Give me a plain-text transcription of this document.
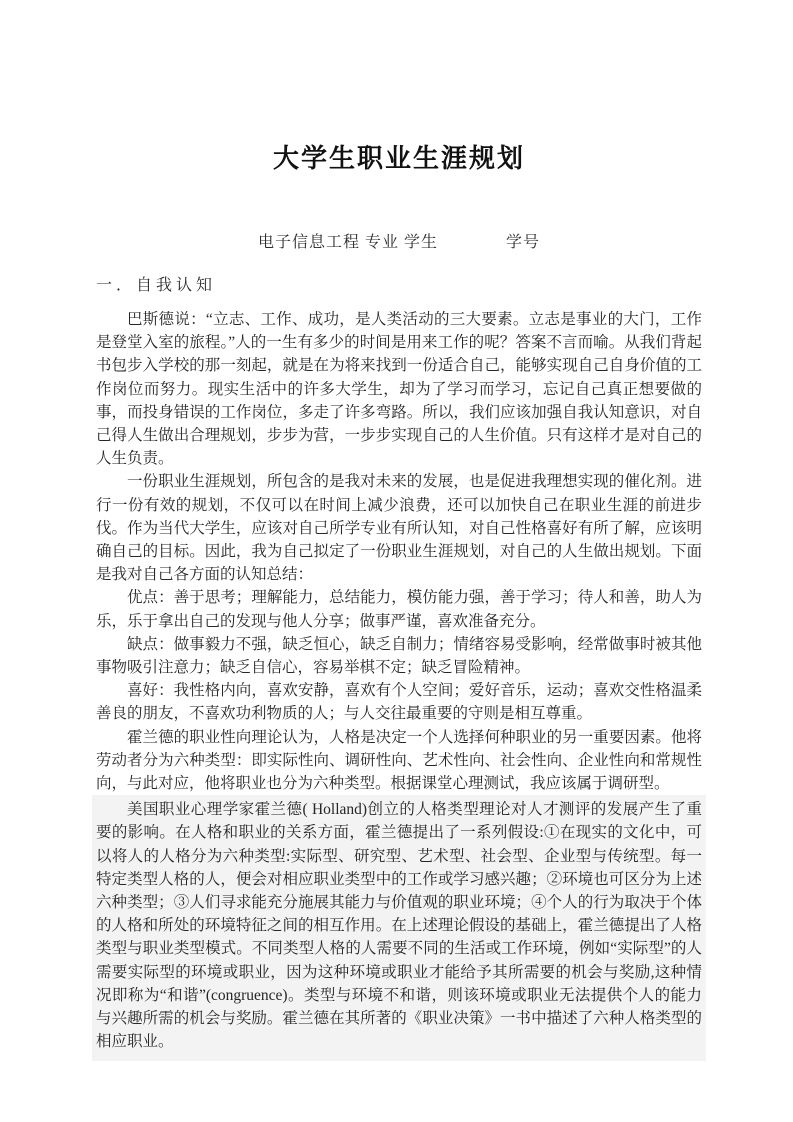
大学生职业生涯规划
电子信息工程 专业 学生　　　　学号
一．自我认知

巴斯德说：“立志、工作、成功，是人类活动的三大要素。立志是事业的大门，工作是登堂入室的旅程。”人的一生有多少的时间是用来工作的呢？答案不言而喻。从我们背起书包步入学校的那一刻起，就是在为将来找到一份适合自己，能够实现自己自身价值的工作岗位而努力。现实生活中的许多大学生，却为了学习而学习，忘记自己真正想要做的事，而投身错误的工作岗位，多走了许多弯路。所以，我们应该加强自我认知意识，对自己得人生做出合理规划，步步为营，一步步实现自己的人生价值。只有这样才是对自己的人生负责。

一份职业生涯规划，所包含的是我对未来的发展，也是促进我理想实现的催化剂。进行一份有效的规划，不仅可以在时间上减少浪费，还可以加快自己在职业生涯的前进步伐。作为当代大学生，应该对自己所学专业有所认知，对自己性格喜好有所了解，应该明确自己的目标。因此，我为自己拟定了一份职业生涯规划，对自己的人生做出规划。下面是我对自己各方面的认知总结：

优点：善于思考；理解能力，总结能力，模仿能力强，善于学习；待人和善，助人为乐，乐于拿出自己的发现与他人分享；做事严谨，喜欢准备充分。

缺点：做事毅力不强，缺乏恒心，缺乏自制力；情绪容易受影响，经常做事时被其他事物吸引注意力；缺乏自信心，容易举棋不定；缺乏冒险精神。

喜好：我性格内向，喜欢安静，喜欢有个人空间；爱好音乐，运动；喜欢交性格温柔善良的朋友，不喜欢功利物质的人；与人交往最重要的守则是相互尊重。

霍兰德的职业性向理论认为，人格是决定一个人选择何种职业的另一重要因素。他将劳动者分为六种类型：即实际性向、调研性向、艺术性向、社会性向、企业性向和常规性向，与此对应，他将职业也分为六种类型。根据课堂心理测试，我应该属于调研型。

美国职业心理学家霍兰德( Holland)创立的人格类型理论对人才测评的发展产生了重要的影响。在人格和职业的关系方面，霍兰德提出了一系列假设:①在现实的文化中，可以将人的人格分为六种类型:实际型、研究型、艺术型、社会型、企业型与传统型。每一特定类型人格的人，便会对相应职业类型中的工作或学习感兴趣；②环境也可区分为上述六种类型；③人们寻求能充分施展其能力与价值观的职业环境；④个人的行为取决于个体的人格和所处的环境特征之间的相互作用。在上述理论假设的基础上，霍兰德提出了人格类型与职业类型模式。不同类型人格的人需要不同的生活或工作环境，例如“实际型”的人需要实际型的环境或职业，因为这种环境或职业才能给予其所需要的机会与奖励,这种情况即称为“和谐”(congruence)。类型与环境不和谐，则该环境或职业无法提供个人的能力与兴趣所需的机会与奖励。霍兰德在其所著的《职业决策》一书中描述了六种人格类型的相应职业。
